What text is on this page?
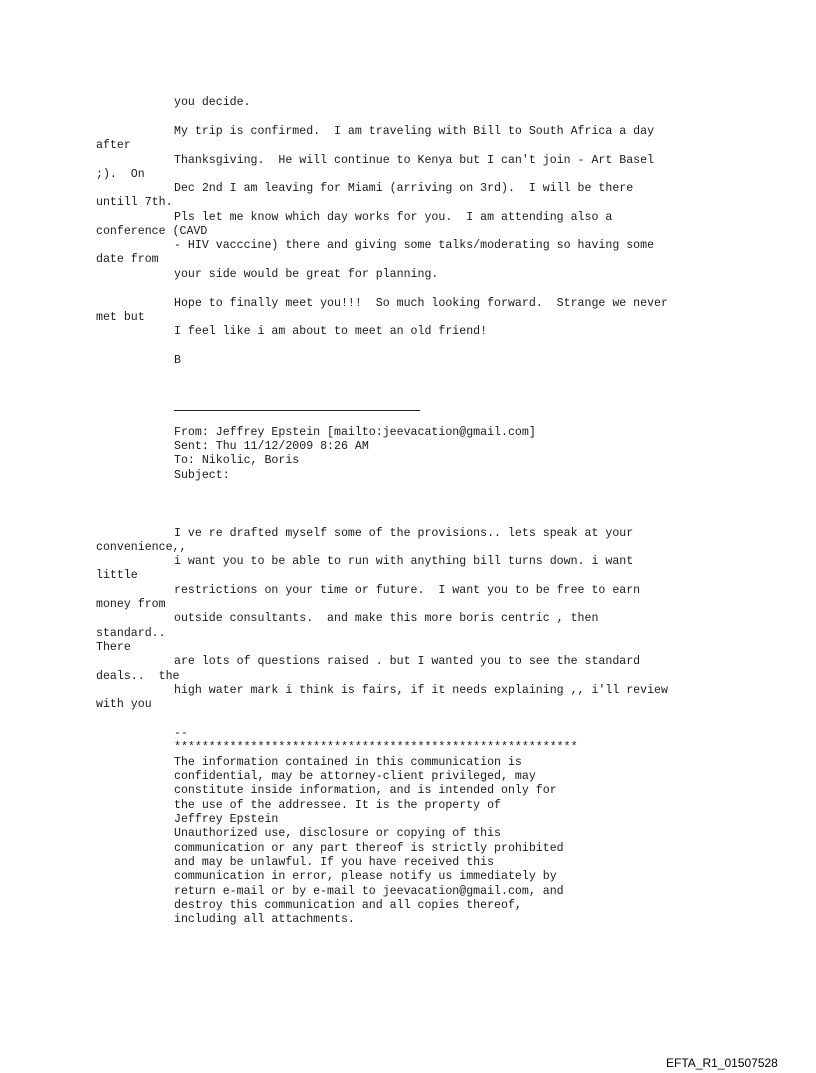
you decide.
My trip is confirmed.  I am traveling with Bill to South Africa a day
after
Thanksgiving.  He will continue to Kenya but I can't join - Art Basel
;).  On
Dec 2nd I am leaving for Miami (arriving on 3rd).  I will be there
untill 7th.
Pls let me know which day works for you.  I am attending also a
conference (CAVD
- HIV vacccine) there and giving some talks/moderating so having some
date from
your side would be great for planning.
Hope to finally meet you!!!  So much looking forward.  Strange we never
met but
I feel like i am about to meet an old friend!
B
From: Jeffrey Epstein [mailto:jeevacation@gmail.com]
Sent: Thu 11/12/2009 8:26 AM
To: Nikolic, Boris
Subject:
I ve re drafted myself some of the provisions.. lets speak at your
convenience,,
i want you to be able to run with anything bill turns down. i want
little
restrictions on your time or future.  I want you to be free to earn
money from
outside consultants.  and make this more boris centric , then
standard..
There
are lots of questions raised . but I wanted you to see the standard
deals..  the
high water mark i think is fairs, if it needs explaining ,, i'll review
with you
--
**********************************************************
The information contained in this communication is
confidential, may be attorney-client privileged, may
constitute inside information, and is intended only for
the use of the addressee. It is the property of
Jeffrey Epstein
Unauthorized use, disclosure or copying of this
communication or any part thereof is strictly prohibited
and may be unlawful. If you have received this
communication in error, please notify us immediately by
return e-mail or by e-mail to jeevacation@gmail.com, and
destroy this communication and all copies thereof,
including all attachments.
EFTA_R1_01507528
